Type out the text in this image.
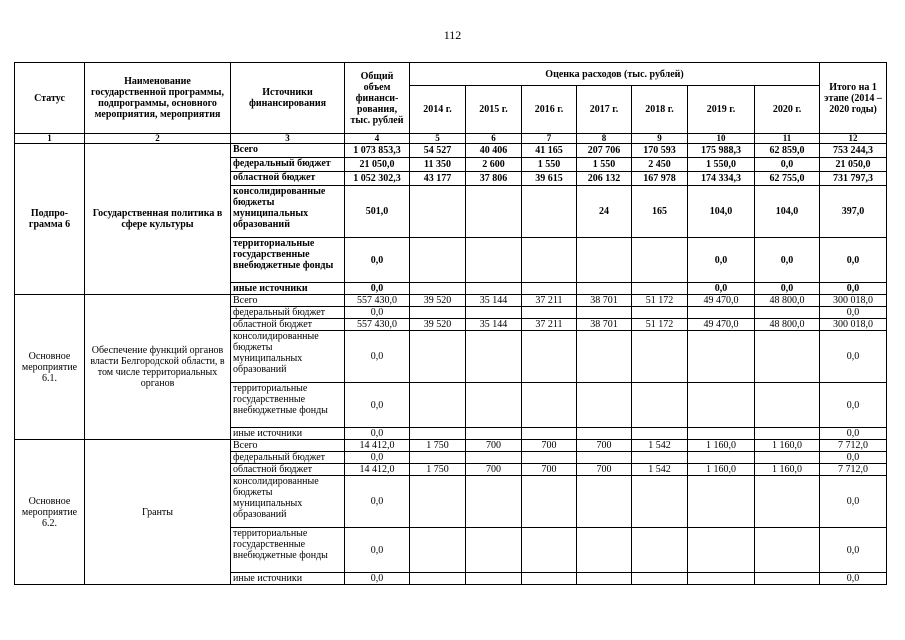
112
Статус	Наименование государственной программы, подпрограммы, основного мероприятия, мероприятия	Источники финансирования	Общий объем финанси-рования, тыс. рублей	Оценка расходов (тыс. рублей)							Итого на 1 этапе (2014 – 2020 годы)
				2014 г.	2015 г.	2016 г.	2017 г.	2018 г.	2019 г.	2020 г.	
1	2	3	4	5	6	7	8	9	10	11	12
Подпро-грамма 6	Государственная политика в сфере культуры	Всего	1 073 853,3	54 527	40 406	41 165	207 706	170 593	175 988,3	62 859,0	753 244,3
		федеральный бюджет	21 050,0	11 350	2 600	1 550	1 550	2 450	1 550,0	0,0	21 050,0
		областной бюджет	1 052 302,3	43 177	37 806	39 615	206 132	167 978	174 334,3	62 755,0	731 797,3
		консолидированные бюджеты муниципальных образований	501,0				24	165	104,0	104,0	397,0
		территориальные государственные внебюджетные фонды	0,0						0,0	0,0	0,0
		иные источники	0,0						0,0	0,0	0,0
Основное мероприятие 6.1.	Обеспечение функций органов власти Белгородской области, в том числе территориальных органов	Всего	557 430,0	39 520	35 144	37 211	38 701	51 172	49 470,0	48 800,0	300 018,0
		федеральный бюджет	0,0								0,0
		областной бюджет	557 430,0	39 520	35 144	37 211	38 701	51 172	49 470,0	48 800,0	300 018,0
		консолидированные бюджеты муниципальных образований	0,0								0,0
		территориальные государственные внебюджетные фонды	0,0								0,0
		иные источники	0,0								0,0
Основное мероприятие 6.2.	Гранты	Всего	14 412,0	1 750	700	700	700	1 542	1 160,0	1 160,0	7 712,0
		федеральный бюджет	0,0								0,0
		областной бюджет	14 412,0	1 750	700	700	700	1 542	1 160,0	1 160,0	7 712,0
		консолидированные бюджеты муниципальных образований	0,0								0,0
		территориальные государственные внебюджетные фонды	0,0								0,0
		иные источники	0,0								0,0
